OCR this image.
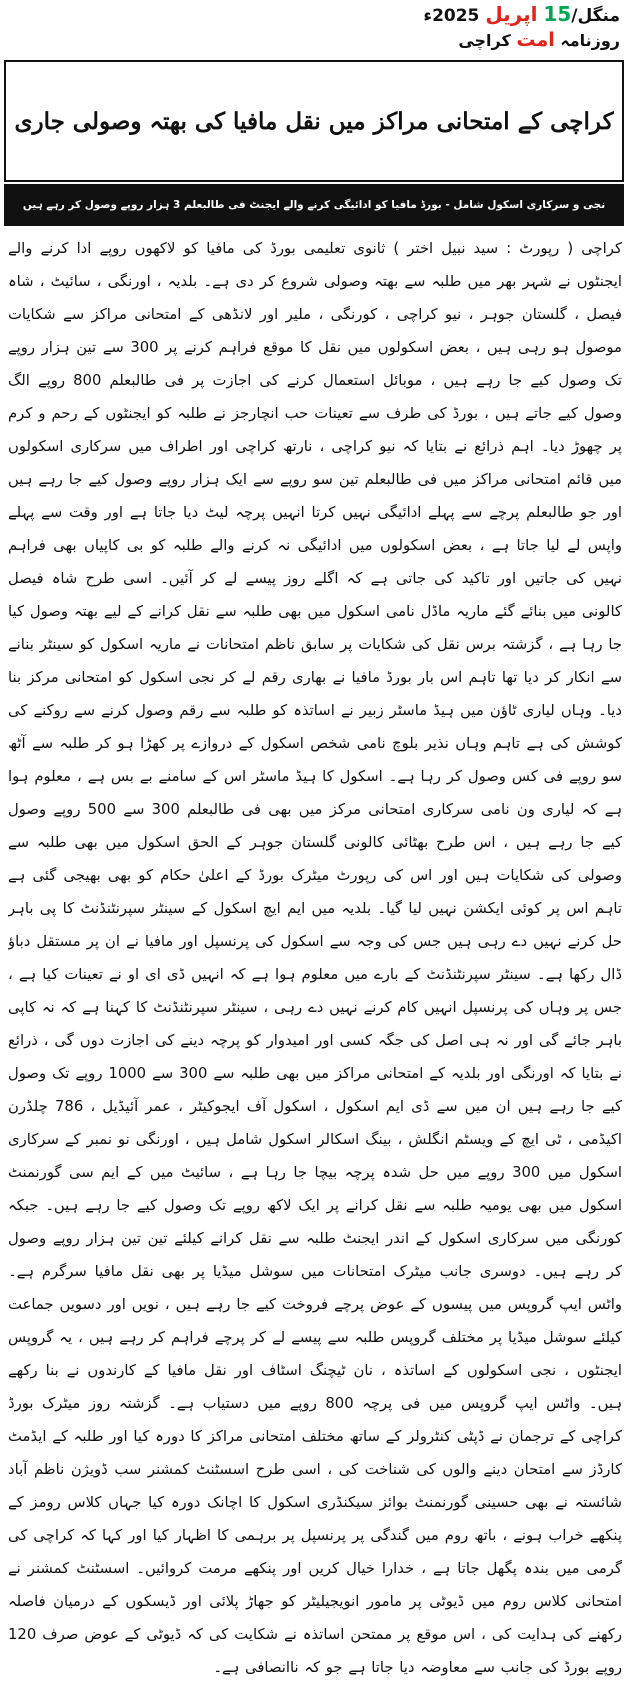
منگل/15 اپریل 2025ء
روزنامہ امت کراچی
کراچی کے امتحانی مراکز میں نقل مافیا کی بھتہ وصولی جاری
نجی و سرکاری اسکول شامل - بورڈ مافیا کو ادائیگی کرنے والے ایجنٹ فی طالبعلم 3 ہزار روپے وصول کر رہے ہیں

کراچی ( رپورٹ : سید نبیل اختر ) ثانوی تعلیمی بورڈ کی مافیا کو لاکھوں روپے ادا کرنے والے ایجنٹوں نے شہر بھر میں طلبہ سے بھتہ وصولی شروع کر دی ہے۔ بلدیہ ، اورنگی ، سائیٹ ، شاہ فیصل ، گلستان جوہر ، نیو کراچی ، کورنگی ، ملیر اور لانڈھی کے امتحانی مراکز سے شکایات موصول ہو رہی ہیں ، بعض اسکولوں میں نقل کا موقع فراہم کرنے پر 300 سے تین ہزار روپے تک وصول کیے جا رہے ہیں ، موبائل استعمال کرنے کی اجازت پر فی طالبعلم 800 روپے الگ وصول کیے جاتے ہیں ، بورڈ کی طرف سے تعینات حب انچارجز نے طلبہ کو ایجنٹوں کے رحم و کرم پر چھوڑ دیا۔ اہم ذرائع نے بتایا کہ نیو کراچی ، نارتھ کراچی اور اطراف میں سرکاری اسکولوں میں قائم امتحانی مراکز میں فی طالبعلم تین سو روپے سے ایک ہزار روپے وصول کیے جا رہے ہیں اور جو طالبعلم پرچے سے پہلے ادائیگی نہیں کرتا انہیں پرچہ لیٹ دیا جاتا ہے اور وقت سے پہلے واپس لے لیا جاتا ہے ، بعض اسکولوں میں ادائیگی نہ کرنے والے طلبہ کو بی کاپیاں بھی فراہم نہیں کی جاتیں اور تاکید کی جاتی ہے کہ اگلے روز پیسے لے کر آئیں۔ اسی طرح شاہ فیصل کالونی میں بنائے گئے ماریہ ماڈل نامی اسکول میں بھی طلبہ سے نقل کرانے کے لیے بھتہ وصول کیا جا رہا ہے ، گزشتہ برس نقل کی شکایات پر سابق ناظم امتحانات نے ماریہ اسکول کو سینٹر بنانے سے انکار کر دیا تھا تاہم اس بار بورڈ مافیا نے بھاری رقم لے کر نجی اسکول کو امتحانی مرکز بنا دیا۔ وہاں لیاری ٹاؤن میں ہیڈ ماسٹر زبیر نے اساتذہ کو طلبہ سے رقم وصول کرنے سے روکنے کی کوشش کی ہے تاہم وہاں نذیر بلوچ نامی شخص اسکول کے دروازے پر کھڑا ہو کر طلبہ سے آٹھ سو روپے فی کس وصول کر رہا ہے۔ اسکول کا ہیڈ ماسٹر اس کے سامنے بے بس ہے ، معلوم ہوا ہے کہ لیاری ون نامی سرکاری امتحانی مرکز میں بھی فی طالبعلم 300 سے 500 روپے وصول کیے جا رہے ہیں ، اس طرح بھٹائی کالونی گلستان جوہر کے الحق اسکول میں بھی طلبہ سے وصولی کی شکایات ہیں اور اس کی رپورٹ میٹرک بورڈ کے اعلیٰ حکام کو بھی بھیجی گئی ہے تاہم اس پر کوئی ایکشن نہیں لیا گیا۔ بلدیہ میں ایم ایچ اسکول کے سینٹر سپرنٹنڈنٹ کا پی باہر حل کرنے نہیں دے رہی ہیں جس کی وجہ سے اسکول کی پرنسپل اور مافیا نے ان پر مستقل دباؤ ڈال رکھا ہے۔ سینٹر سپرنٹنڈنٹ کے بارے میں معلوم ہوا ہے کہ انہیں ڈی ای او نے تعینات کیا ہے ، جس پر وہاں کی پرنسپل انہیں کام کرنے نہیں دے رہی ، سینٹر سپرنٹنڈنٹ کا کہنا ہے کہ نہ کاپی باہر جائے گی اور نہ ہی اصل کی جگہ کسی اور امیدوار کو پرچہ دینے کی اجازت دوں گی ، ذرائع نے بتایا کہ اورنگی اور بلدیہ کے امتحانی مراکز میں بھی طلبہ سے 300 سے 1000 روپے تک وصول کیے جا رہے ہیں ان میں سے ڈی ایم اسکول ، اسکول آف ایجوکیٹر ، عمر آئیڈیل ، 786 چلڈرن اکیڈمی ، ٹی ایچ کے ویسٹم انگلش ، بینگ اسکالر اسکول شامل ہیں ، اورنگی نو نمبر کے سرکاری اسکول میں 300 روپے میں حل شدہ پرچہ بیچا جا رہا ہے ، سائیٹ میں کے ایم سی گورنمنٹ اسکول میں بھی یومیہ طلبہ سے نقل کرانے پر ایک لاکھ روپے تک وصول کیے جا رہے ہیں۔ جبکہ کورنگی میں سرکاری اسکول کے اندر ایجنٹ طلبہ سے نقل کرانے کیلئے تین تین ہزار روپے وصول کر رہے ہیں۔ دوسری جانب میٹرک امتحانات میں سوشل میڈیا پر بھی نقل مافیا سرگرم ہے۔ واٹس ایپ گروپس میں پیسوں کے عوض پرچے فروخت کیے جا رہے ہیں ، نویں اور دسویں جماعت کیلئے سوشل میڈیا پر مختلف گروپس طلبہ سے پیسے لے کر پرچے فراہم کر رہے ہیں ، یہ گروپس ایجنٹوں ، نجی اسکولوں کے اساتذہ ، نان ٹیچنگ اسٹاف اور نقل مافیا کے کارندوں نے بنا رکھے ہیں۔ واٹس ایپ گروپس میں فی پرچہ 800 روپے میں دستیاب ہے۔ گزشتہ روز میٹرک بورڈ کراچی کے ترجمان نے ڈپٹی کنٹرولر کے ساتھ مختلف امتحانی مراکز کا دورہ کیا اور طلبہ کے ایڈمٹ کارڈز سے امتحان دینے والوں کی شناخت کی ، اسی طرح اسسٹنٹ کمشنر سب ڈویژن ناظم آباد شائستہ نے بھی حسینی گورنمنٹ بوائز سیکنڈری اسکول کا اچانک دورہ کیا جہاں کلاس رومز کے پنکھے خراب ہونے ، باتھ روم میں گندگی پر پرنسپل پر برہمی کا اظہار کیا اور کہا کہ کراچی کی گرمی میں بندہ پگھل جاتا ہے ، خدارا خیال کریں اور پنکھے مرمت کروائیں۔ اسسٹنٹ کمشنر نے امتحانی کلاس روم میں ڈیوٹی پر مامور انویجیلیٹر کو جھاڑ پلائی اور ڈیسکوں کے درمیان فاصلہ رکھنے کی ہدایت کی ، اس موقع پر ممتحن اساتذہ نے شکایت کی کہ ڈیوٹی کے عوض صرف 120 روپے بورڈ کی جانب سے معاوضہ دیا جاتا ہے جو کہ ناانصافی ہے۔
